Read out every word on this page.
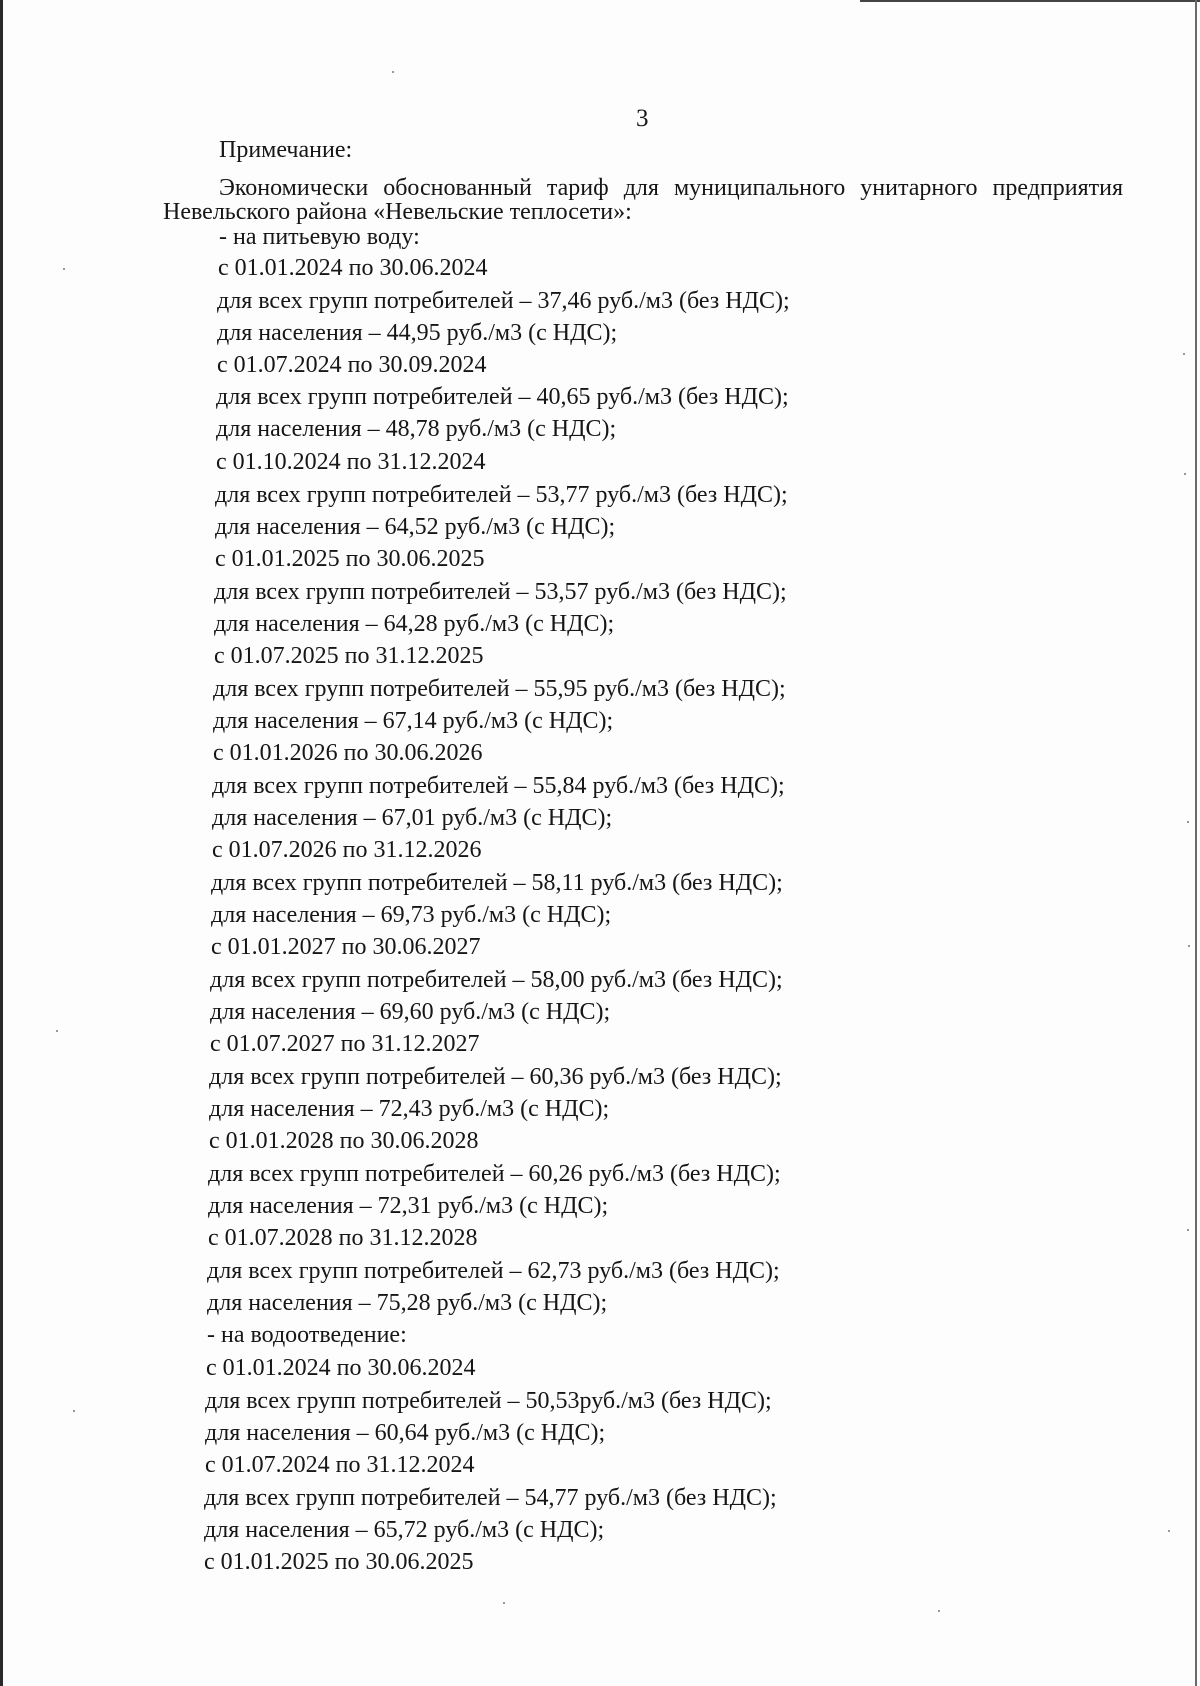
3
Примечание:
Экономически обоснованный тариф для муниципального унитарного предприятия
Невельского района «Невельские теплосети»:
- на питьевую воду:
с 01.01.2024 по 30.06.2024
для всех групп потребителей – 37,46 руб./м3 (без НДС);
для населения – 44,95 руб./м3 (с НДС);
с 01.07.2024 по 30.09.2024
для всех групп потребителей – 40,65 руб./м3 (без НДС);
для населения – 48,78 руб./м3 (с НДС);
с 01.10.2024 по 31.12.2024
для всех групп потребителей – 53,77 руб./м3 (без НДС);
для населения – 64,52 руб./м3 (с НДС);
с 01.01.2025 по 30.06.2025
для всех групп потребителей – 53,57 руб./м3 (без НДС);
для населения – 64,28 руб./м3 (с НДС);
с 01.07.2025 по 31.12.2025
для всех групп потребителей – 55,95 руб./м3 (без НДС);
для населения – 67,14 руб./м3 (с НДС);
с 01.01.2026 по 30.06.2026
для всех групп потребителей – 55,84 руб./м3 (без НДС);
для населения – 67,01 руб./м3 (с НДС);
с 01.07.2026 по 31.12.2026
для всех групп потребителей – 58,11 руб./м3 (без НДС);
для населения – 69,73 руб./м3 (с НДС);
с 01.01.2027 по 30.06.2027
для всех групп потребителей – 58,00 руб./м3 (без НДС);
для населения – 69,60 руб./м3 (с НДС);
с 01.07.2027 по 31.12.2027
для всех групп потребителей – 60,36 руб./м3 (без НДС);
для населения – 72,43 руб./м3 (с НДС);
с 01.01.2028 по 30.06.2028
для всех групп потребителей – 60,26 руб./м3 (без НДС);
для населения – 72,31 руб./м3 (с НДС);
с 01.07.2028 по 31.12.2028
для всех групп потребителей – 62,73 руб./м3 (без НДС);
для населения – 75,28 руб./м3 (с НДС);
- на водоотведение:
с 01.01.2024 по 30.06.2024
для всех групп потребителей – 50,53руб./м3 (без НДС);
для населения – 60,64 руб./м3 (с НДС);
с 01.07.2024 по 31.12.2024
для всех групп потребителей – 54,77 руб./м3 (без НДС);
для населения – 65,72 руб./м3 (с НДС);
с 01.01.2025 по 30.06.2025
